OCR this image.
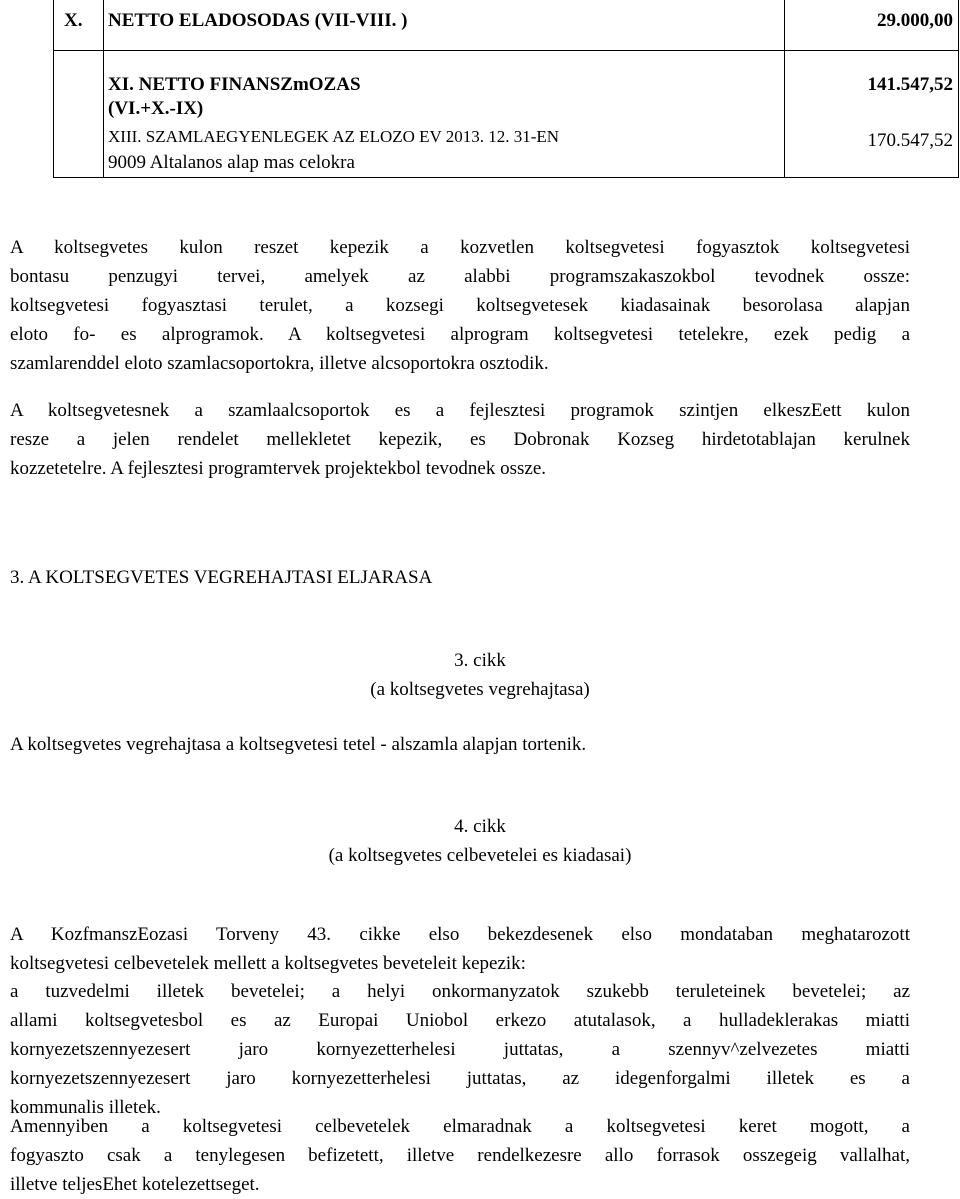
X. NETTO ELADOSODAS (VII-VIII. )	29.000,00
XI. NETTO FINANSZmOZAS
(VI.+X.-IX)
141.547,52
XIII. SZAMLAEGYENLEGEK AZ ELOZO EV 2013. 12. 31-EN
9009 Altalanos alap mas celokra
170.547,52
A koltsegvetes kulon reszet kepezik a kozvetlen koltsegvetesi fogyasztok koltsegvetesi
bontasu penzugyi tervei, amelyek az alabbi programszakaszokbol tevodnek ossze:
koltsegvetesi fogyasztasi terulet, a kozsegi koltsegvetesek kiadasainak besorolasa alapjan
eloto fo- es alprogramok. A koltsegvetesi alprogram koltsegvetesi tetelekre, ezek pedig a
szamlarenddel eloto szamlacsoportokra, illetve alcsoportokra osztodik.
A koltsegvetesnek a szamlaalcsoportok es a fejlesztesi programok szintjen elkeszEett kulon
resze a jelen rendelet mellekletet kepezik, es Dobronak Kozseg hirdetotablajan kerulnek
kozzetetelre. A fejlesztesi programtervek projektekbol tevodnek ossze.
3. A KOLTSEGVETES VEGREHAJTASI ELJARASA
3. cikk
(a koltsegvetes vegrehajtasa)
A koltsegvetes vegrehajtasa a koltsegvetesi tetel - alszamla alapjan tortenik.
4. cikk
(a koltsegvetes celbevetelei es kiadasai)
A KozfmanszEozasi Torveny 43. cikke elso bekezdesenek elso mondataban meghatarozott
koltsegvetesi celbevetelek mellett a koltsegvetes beveteleit kepezik:
a tuzvedelmi illetek bevetelei; a helyi onkormanyzatok szukebb teruleteinek bevetelei; az
allami koltsegvetesbol es az Europai Uniobol erkezo atutalasok, a hulladeklerakas miatti
kornyezetszennyezesert jaro kornyezetterhelesi juttatas, a szennyv^zelvezetes miatti
kornyezetszennyezesert jaro kornyezetterhelesi juttatas, az idegenforgalmi illetek es a
kommunalis illetek.
Amennyiben a koltsegvetesi celbevetelek elmaradnak a koltsegvetesi keret mogott, a
fogyaszto csak a tenylegesen befizetett, illetve rendelkezesre allo forrasok osszegeig vallalhat,
illetve teljesEhet kotelezettseget.
